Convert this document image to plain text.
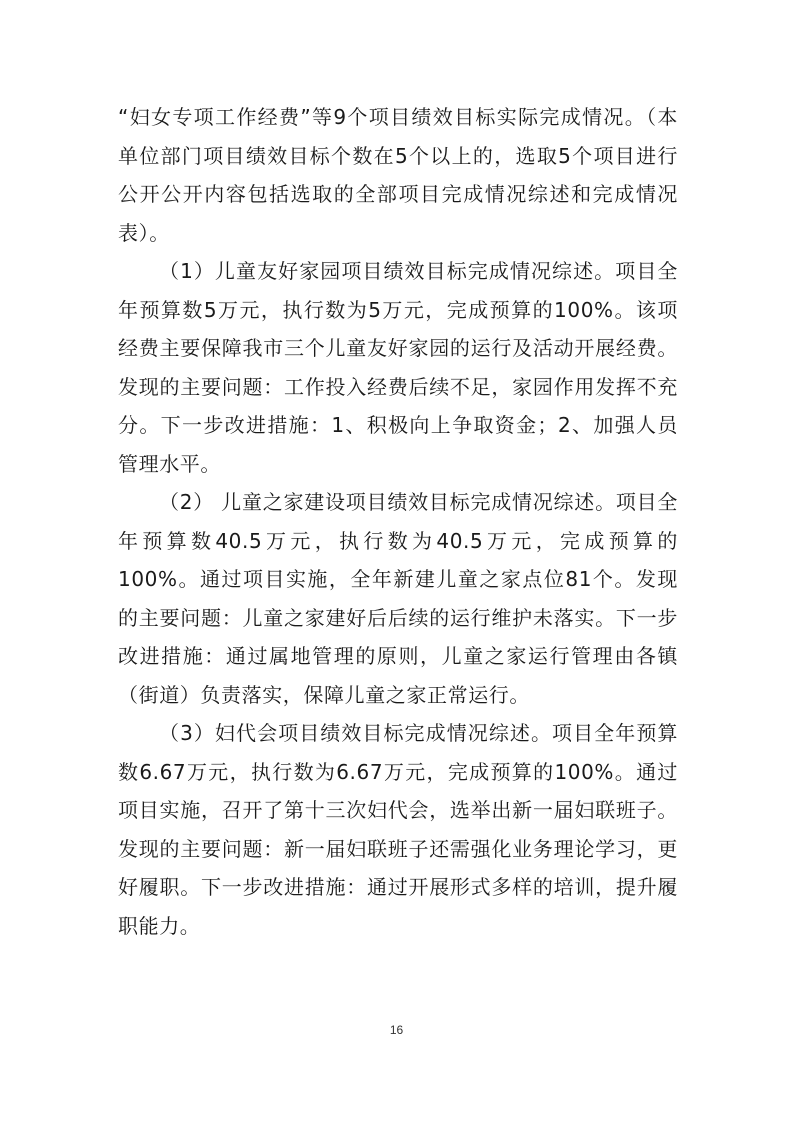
“妇女专项工作经费”等9个项目绩效目标实际完成情况。（本单位部门项目绩效目标个数在5个以上的，选取5个项目进行公开公开内容包括选取的全部项目完成情况综述和完成情况表）。

（1）儿童友好家园项目绩效目标完成情况综述。项目全年预算数5万元，执行数为5万元，完成预算的100%。该项经费主要保障我市三个儿童友好家园的运行及活动开展经费。发现的主要问题：工作投入经费后续不足，家园作用发挥不充分。下一步改进措施：1、积极向上争取资金；2、加强人员管理水平。

（2） 儿童之家建设项目绩效目标完成情况综述。项目全年预算数40.5万元，执行数为40.5万元，完成预算的100%。通过项目实施，全年新建儿童之家点位81个。发现的主要问题：儿童之家建好后后续的运行维护未落实。下一步改进措施：通过属地管理的原则，儿童之家运行管理由各镇（街道）负责落实，保障儿童之家正常运行。

（3）妇代会项目绩效目标完成情况综述。项目全年预算数6.67万元，执行数为6.67万元，完成预算的100%。通过项目实施，召开了第十三次妇代会，选举出新一届妇联班子。发现的主要问题：新一届妇联班子还需强化业务理论学习，更好履职。下一步改进措施：通过开展形式多样的培训，提升履职能力。

16
